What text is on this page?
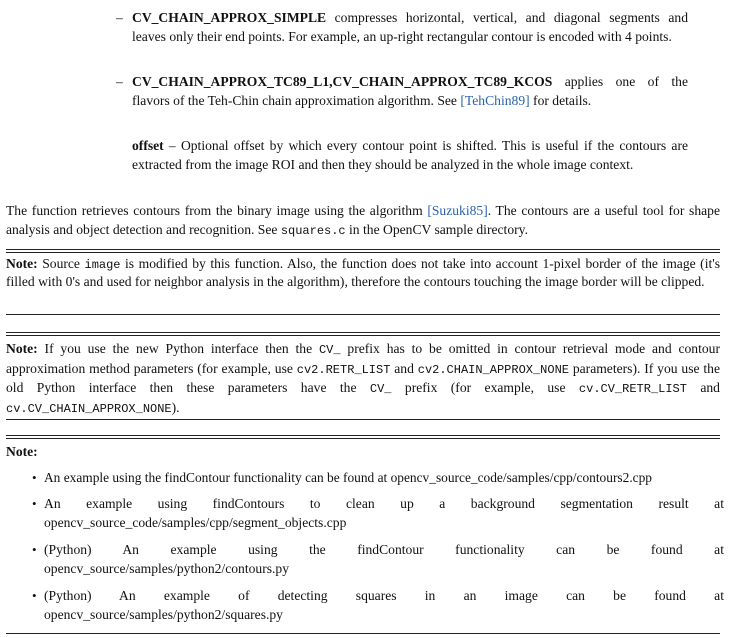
– CV_CHAIN_APPROX_SIMPLE compresses horizontal, vertical, and diagonal segments and leaves only their end points. For example, an up-right rectangular contour is encoded with 4 points.
– CV_CHAIN_APPROX_TC89_L1,CV_CHAIN_APPROX_TC89_KCOS applies one of the flavors of the Teh-Chin chain approximation algorithm. See [TehChin89] for details.
offset – Optional offset by which every contour point is shifted. This is useful if the contours are extracted from the image ROI and then they should be analyzed in the whole image context.
The function retrieves contours from the binary image using the algorithm [Suzuki85]. The contours are a useful tool for shape analysis and object detection and recognition. See squares.c in the OpenCV sample directory.
Note: Source image is modified by this function. Also, the function does not take into account 1-pixel border of the image (it's filled with 0's and used for neighbor analysis in the algorithm), therefore the contours touching the image border will be clipped.
Note: If you use the new Python interface then the CV_ prefix has to be omitted in contour retrieval mode and contour approximation method parameters (for example, use cv2.RETR_LIST and cv2.CHAIN_APPROX_NONE parameters). If you use the old Python interface then these parameters have the CV_ prefix (for example, use cv.CV_RETR_LIST and cv.CV_CHAIN_APPROX_NONE).
Note:
• An example using the findContour functionality can be found at opencv_source_code/samples/cpp/contours2.cpp
• An example using findContours to clean up a background segmentation result at
opencv_source_code/samples/cpp/segment_objects.cpp
• (Python) An example using the findContour functionality can be found at
opencv_source/samples/python2/contours.py
• (Python) An example of detecting squares in an image can be found at
opencv_source/samples/python2/squares.py
